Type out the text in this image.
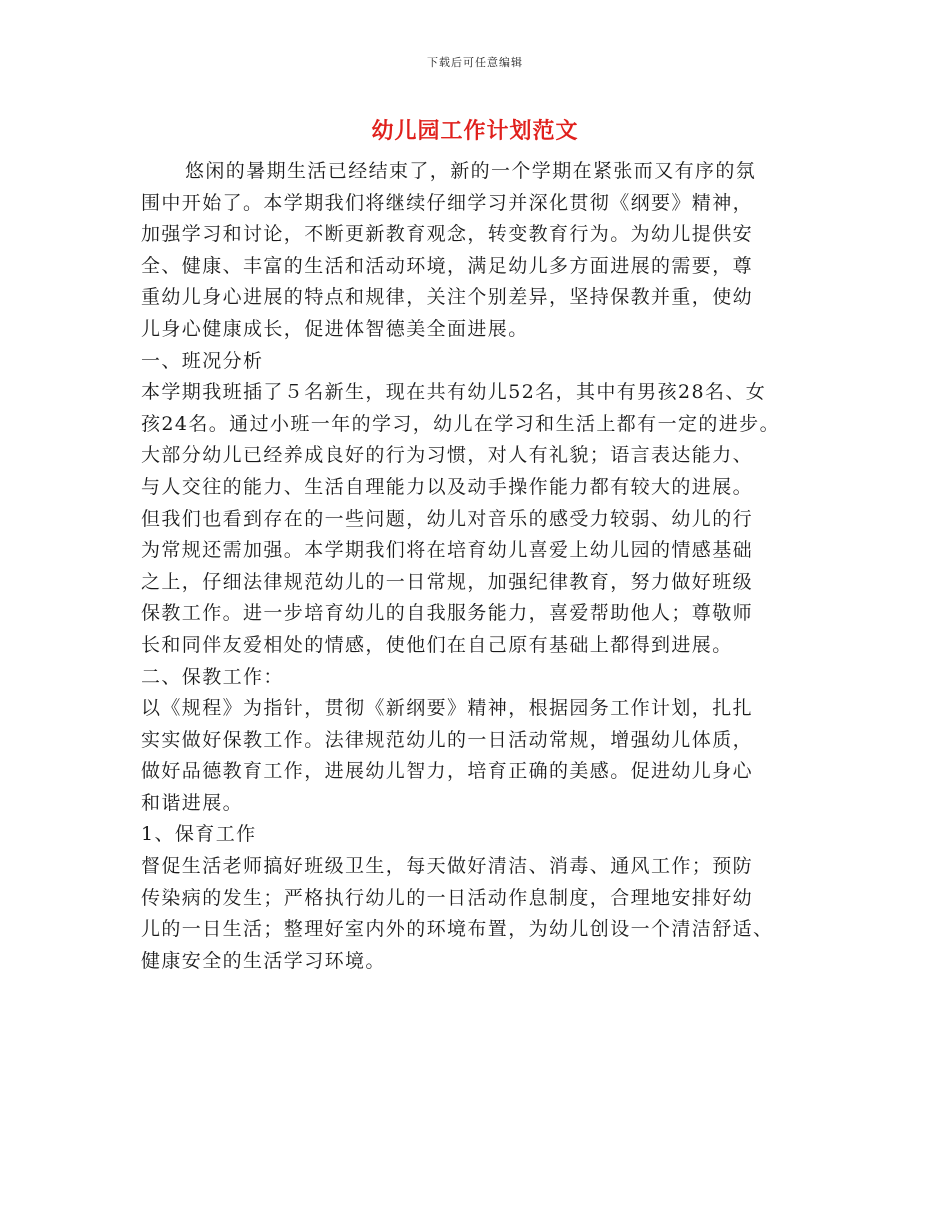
下载后可任意编辑
幼儿园工作计划范文
悠闲的暑期生活已经结束了，新的一个学期在紧张而又有序的氛
围中开始了。本学期我们将继续仔细学习并深化贯彻《纲要》精神，
加强学习和讨论，不断更新教育观念，转变教育行为。为幼儿提供安
全、健康、丰富的生活和活动环境，满足幼儿多方面进展的需要，尊
重幼儿身心进展的特点和规律，关注个别差异，坚持保教并重，使幼
儿身心健康成长，促进体智德美全面进展。
一、班况分析
本学期我班插了５名新生，现在共有幼儿52名，其中有男孩28名、女
孩24名。通过小班一年的学习，幼儿在学习和生活上都有一定的进步。
大部分幼儿已经养成良好的行为习惯，对人有礼貌；语言表达能力、
与人交往的能力、生活自理能力以及动手操作能力都有较大的进展。
但我们也看到存在的一些问题，幼儿对音乐的感受力较弱、幼儿的行
为常规还需加强。本学期我们将在培育幼儿喜爱上幼儿园的情感基础
之上，仔细法律规范幼儿的一日常规，加强纪律教育，努力做好班级
保教工作。进一步培育幼儿的自我服务能力，喜爱帮助他人；尊敬师
长和同伴友爱相处的情感，使他们在自己原有基础上都得到进展。
二、保教工作：
以《规程》为指针，贯彻《新纲要》精神，根据园务工作计划，扎扎
实实做好保教工作。法律规范幼儿的一日活动常规，增强幼儿体质，
做好品德教育工作，进展幼儿智力，培育正确的美感。促进幼儿身心
和谐进展。
1、保育工作
督促生活老师搞好班级卫生，每天做好清洁、消毒、通风工作；预防
传染病的发生；严格执行幼儿的一日活动作息制度，合理地安排好幼
儿的一日生活；整理好室内外的环境布置，为幼儿创设一个清洁舒适、
健康安全的生活学习环境。
